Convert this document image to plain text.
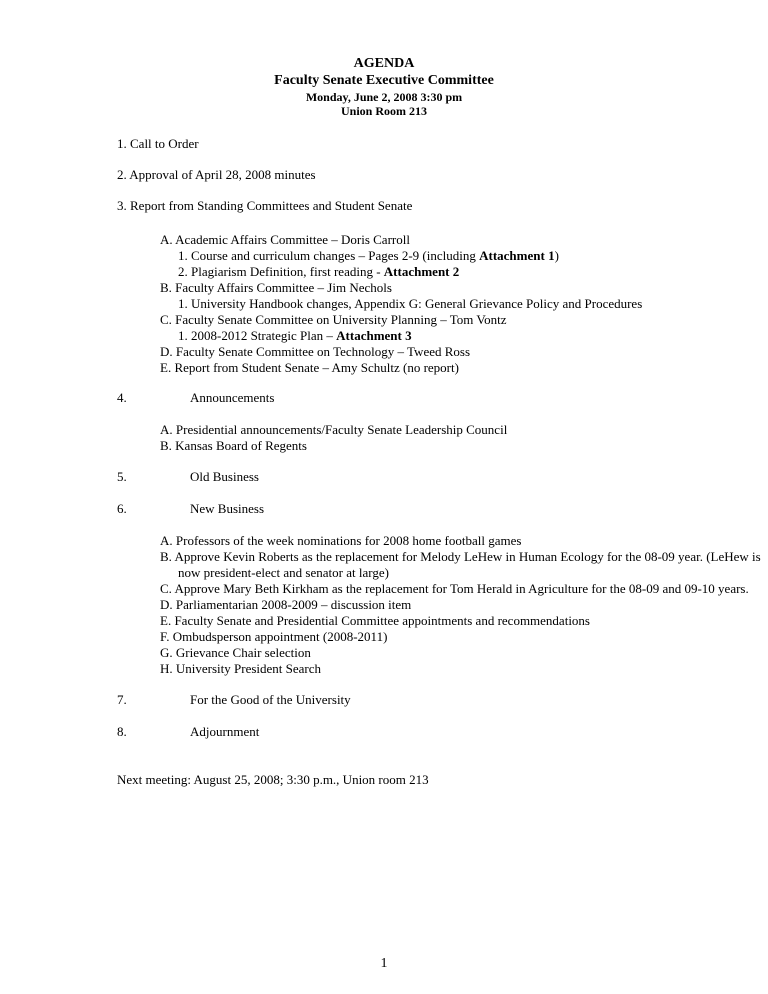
AGENDA
Faculty Senate Executive Committee
Monday, June 2, 2008 3:30 pm
Union Room 213
1. Call to Order
2. Approval of April 28, 2008 minutes
3. Report from Standing Committees and Student Senate
A. Academic Affairs Committee – Doris Carroll
1. Course and curriculum changes – Pages 2-9 (including Attachment 1)
2. Plagiarism Definition, first reading - Attachment 2
B. Faculty Affairs Committee – Jim Nechols
1. University Handbook changes, Appendix G: General Grievance Policy and Procedures
C. Faculty Senate Committee on University Planning – Tom Vontz
1. 2008-2012 Strategic Plan – Attachment 3
D. Faculty Senate Committee on Technology – Tweed Ross
E. Report from Student Senate – Amy Schultz (no report)
4.	Announcements
A. Presidential announcements/Faculty Senate Leadership Council
B. Kansas Board of Regents
5.	Old Business
6.	New Business
A. Professors of the week nominations for 2008 home football games
B. Approve Kevin Roberts as the replacement for Melody LeHew in Human Ecology for the 08-09 year. (LeHew is
now president-elect and senator at large)
C. Approve Mary Beth Kirkham as the replacement for Tom Herald in Agriculture for the 08-09 and 09-10 years.
D. Parliamentarian 2008-2009 – discussion item
E. Faculty Senate and Presidential Committee appointments and recommendations
F. Ombudsperson appointment (2008-2011)
G. Grievance Chair selection
H. University President Search
7.	For the Good of the University
8.	Adjournment
Next meeting: August 25, 2008; 3:30 p.m., Union room 213
1
